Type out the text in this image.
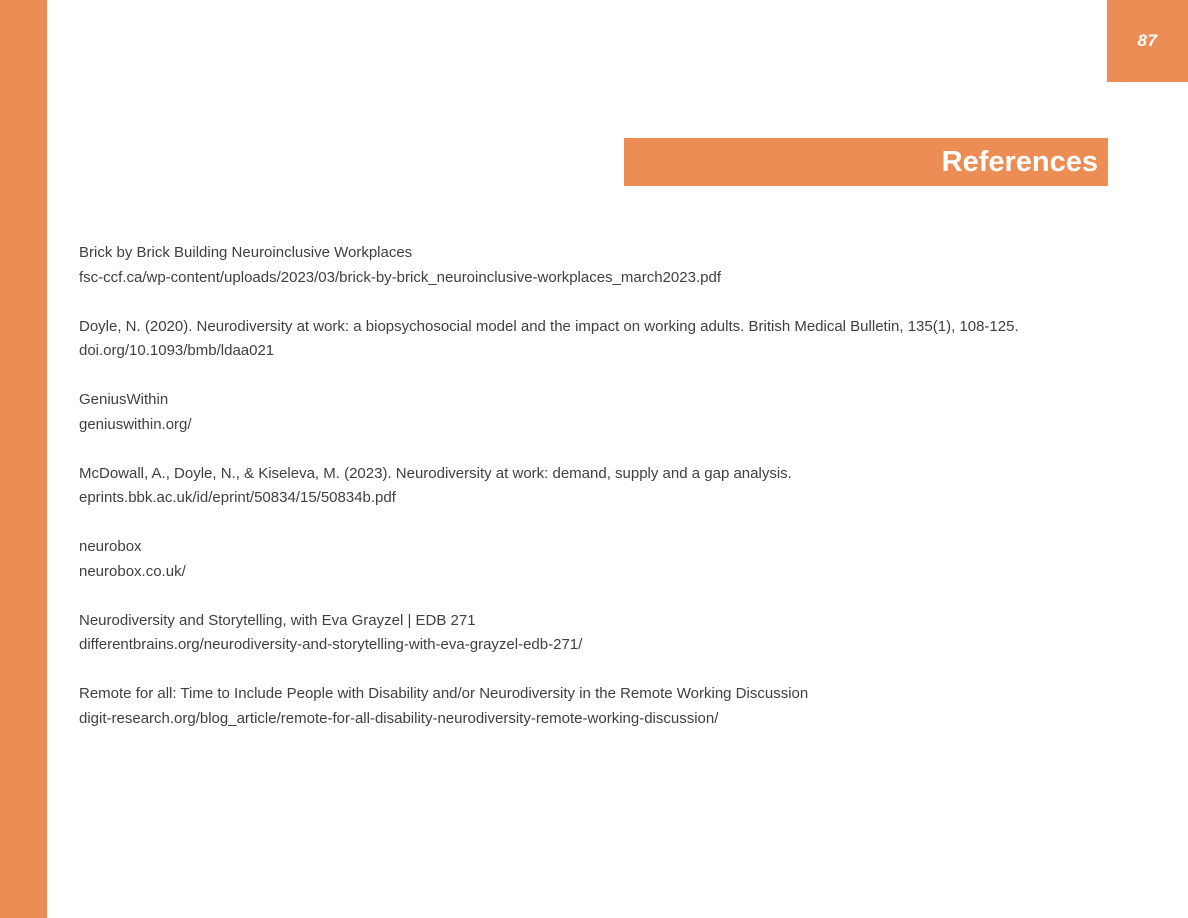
87
References
Brick by Brick Building Neuroinclusive Workplaces
fsc-ccf.ca/wp-content/uploads/2023/03/brick-by-brick_neuroinclusive-workplaces_march2023.pdf
Doyle, N. (2020). Neurodiversity at work: a biopsychosocial model and the impact on working adults. British Medical Bulletin, 135(1), 108-125.
doi.org/10.1093/bmb/ldaa021
GeniusWithin
geniuswithin.org/
McDowall, A., Doyle, N., & Kiseleva, M. (2023). Neurodiversity at work: demand, supply and a gap analysis.
eprints.bbk.ac.uk/id/eprint/50834/15/50834b.pdf
neurobox
neurobox.co.uk/
Neurodiversity and Storytelling, with Eva Grayzel | EDB 271
differentbrains.org/neurodiversity-and-storytelling-with-eva-grayzel-edb-271/
Remote for all: Time to Include People with Disability and/or Neurodiversity in the Remote Working Discussion
digit-research.org/blog_article/remote-for-all-disability-neurodiversity-remote-working-discussion/
